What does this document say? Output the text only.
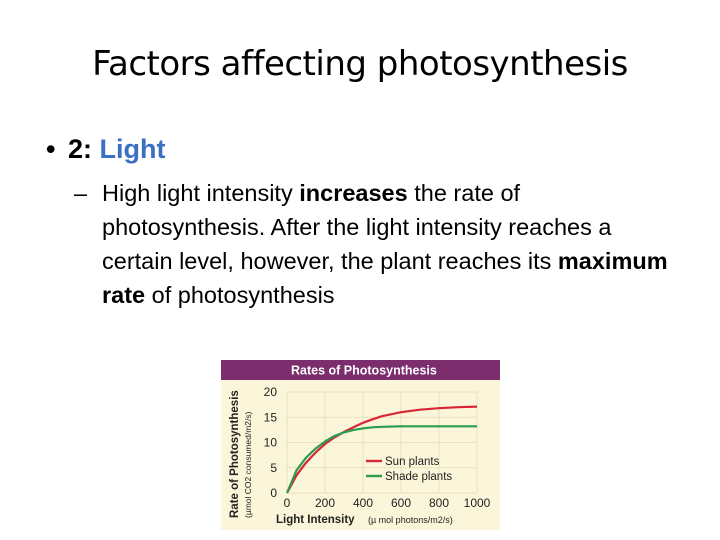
Factors affecting photosynthesis
• 2: Light
– High light intensity increases the rate of photosynthesis. After the light intensity reaches a certain level, however, the plant reaches its maximum rate of photosynthesis
Rates of Photosynthesis
Rate of Photosynthesis (µmol CO2 consumed/m2/s)
Light Intensity (µ mol photons/m2/s)
0
5
10
15
20
0 200 400 600 800 1000
Sun plants
Shade plants
